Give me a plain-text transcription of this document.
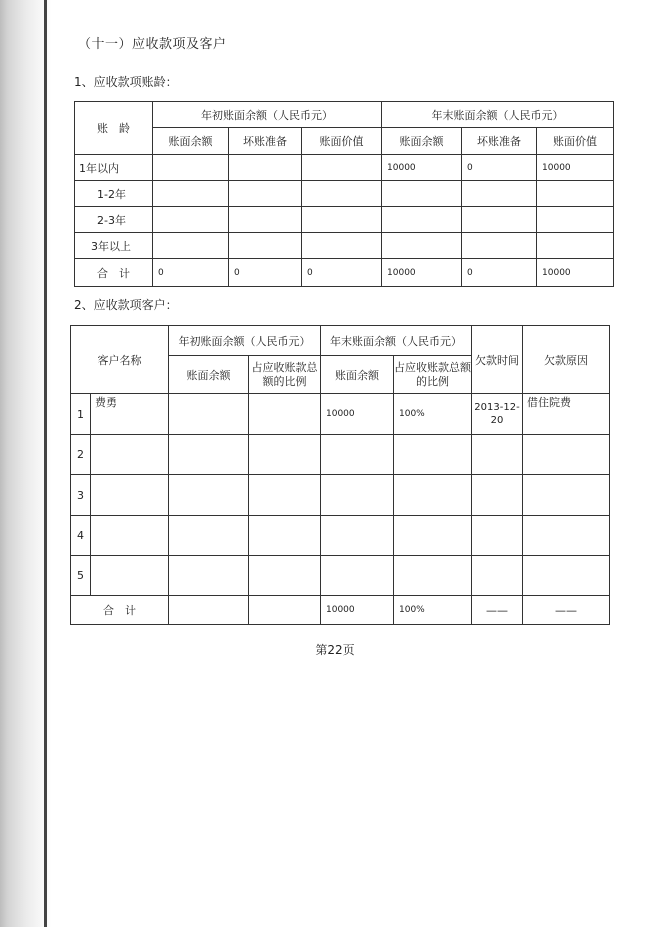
（十一）应收款项及客户
1、应收款项账龄：
账　龄	年初账面余额（人民币元）			年末账面余额（人民币元）		
	账面余额	坏账准备	账面价值	账面余额	坏账准备	账面价值
1年以内				10000	0	10000
1-2年						
2-3年						
3年以上						
合　计	0	0	0	10000	0	10000
2、应收款项客户：
客户名称		年初账面余额（人民币元）		年末账面余额（人民币元）		欠款时间	欠款原因
		账面余额	占应收账款总额的比例	账面余额	占应收账款总额的比例		
1	费勇			10000	100%	2013-12-20	借住院费
2							
3							
4							
5							
合　计				10000	100%	——	——
第22页
